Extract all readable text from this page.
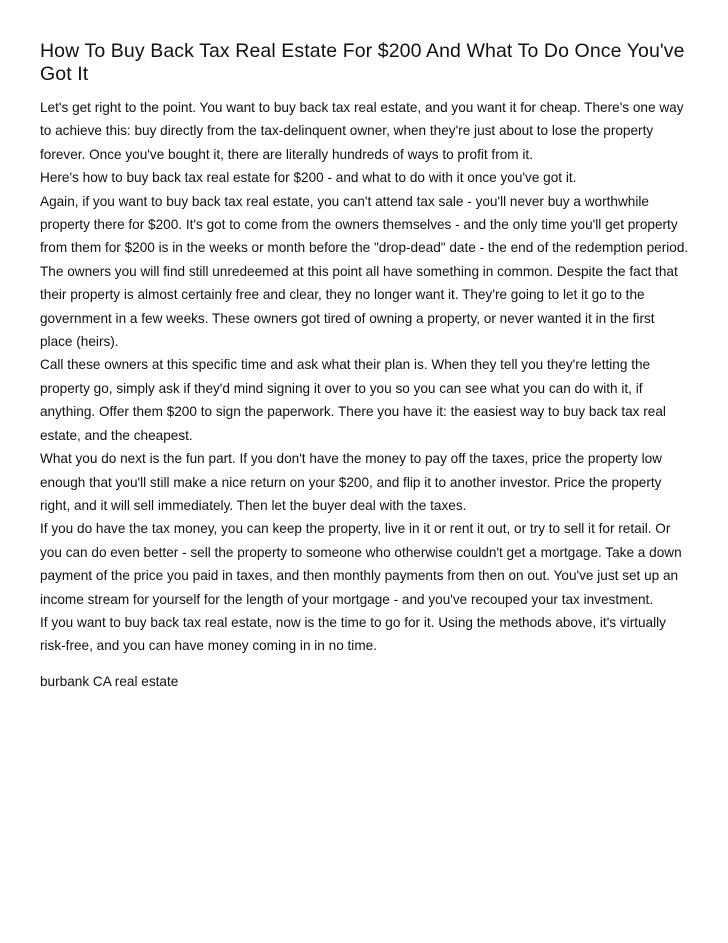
How To Buy Back Tax Real Estate For $200 And What To Do Once You've Got It

Let's get right to the point. You want to buy back tax real estate, and you want it for cheap. There's one way to achieve this: buy directly from the tax-delinquent owner, when they're just about to lose the property forever. Once you've bought it, there are literally hundreds of ways to profit from it.

Here's how to buy back tax real estate for $200 - and what to do with it once you've got it.

Again, if you want to buy back tax real estate, you can't attend tax sale - you'll never buy a worthwhile property there for $200. It's got to come from the owners themselves - and the only time you'll get property from them for $200 is in the weeks or month before the "drop-dead" date - the end of the redemption period.

The owners you will find still unredeemed at this point all have something in common. Despite the fact that their property is almost certainly free and clear, they no longer want it. They're going to let it go to the government in a few weeks. These owners got tired of owning a property, or never wanted it in the first place (heirs).

Call these owners at this specific time and ask what their plan is. When they tell you they're letting the property go, simply ask if they'd mind signing it over to you so you can see what you can do with it, if anything. Offer them $200 to sign the paperwork. There you have it: the easiest way to buy back tax real estate, and the cheapest.

What you do next is the fun part. If you don't have the money to pay off the taxes, price the property low enough that you'll still make a nice return on your $200, and flip it to another investor. Price the property right, and it will sell immediately. Then let the buyer deal with the taxes.

If you do have the tax money, you can keep the property, live in it or rent it out, or try to sell it for retail. Or you can do even better - sell the property to someone who otherwise couldn't get a mortgage. Take a down payment of the price you paid in taxes, and then monthly payments from then on out. You've just set up an income stream for yourself for the length of your mortgage - and you've recouped your tax investment.

If you want to buy back tax real estate, now is the time to go for it. Using the methods above, it's virtually risk-free, and you can have money coming in in no time.

burbank CA real estate
